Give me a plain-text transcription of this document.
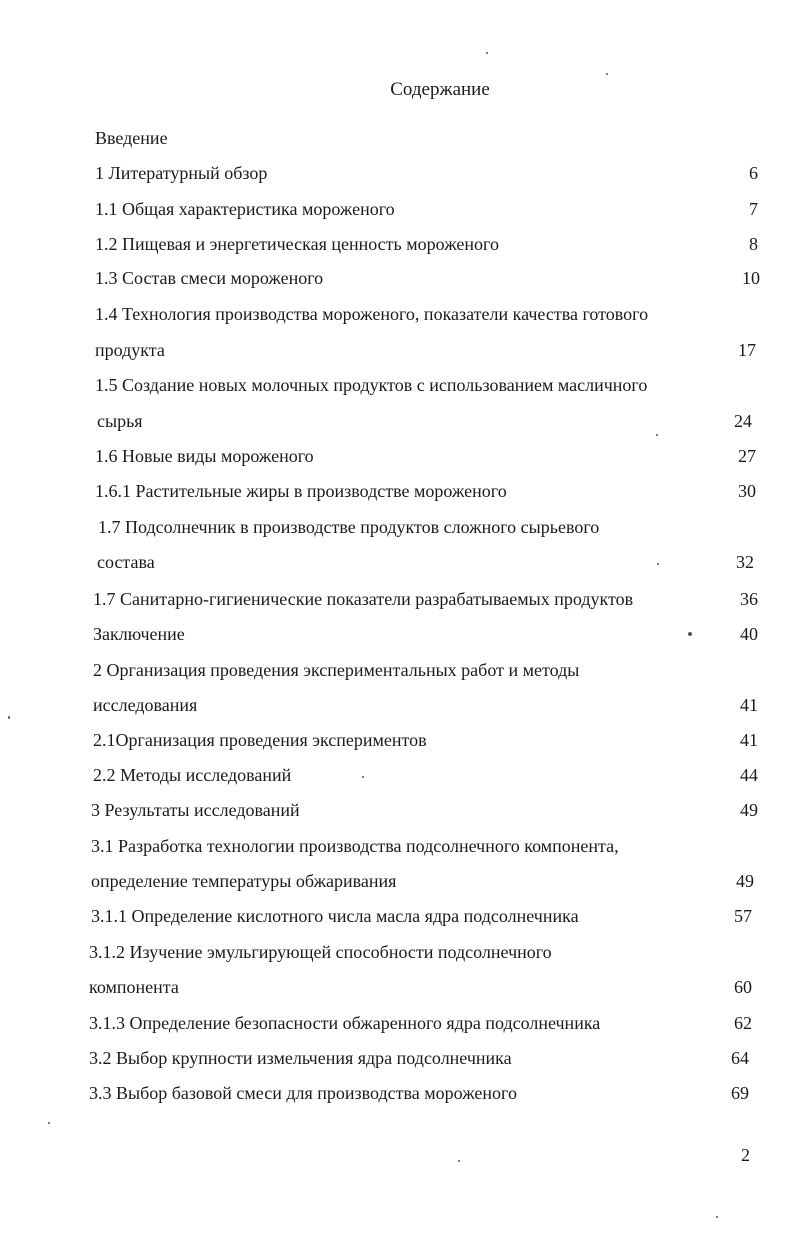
Содержание
Введение
1 Литературный обзор	6
1.1 Общая характеристика мороженого	7
1.2 Пищевая и энергетическая ценность мороженого	8
1.3 Состав смеси мороженого	10
1.4 Технология производства мороженого, показатели качества готового
продукта	17
1.5 Создание новых молочных продуктов с использованием масличного
сырья	24
1.6 Новые виды мороженого	27
1.6.1 Растительные жиры в производстве мороженого	30
1.7 Подсолнечник в производстве продуктов сложного сырьевого
состава	32
1.7 Санитарно-гигиенические показатели разрабатываемых продуктов	36
Заключение	40
2 Организация проведения экспериментальных работ и методы
исследования	41
2.1Организация проведения экспериментов	41
2.2 Методы исследований	44
3 Результаты исследований	49
3.1 Разработка технологии производства подсолнечного компонента,
определение температуры обжаривания	49
3.1.1 Определение кислотного числа масла ядра подсолнечника	57
3.1.2 Изучение эмульгирующей способности подсолнечного
компонента	60
3.1.3 Определение безопасности обжаренного ядра подсолнечника	62
3.2 Выбор крупности измельчения ядра подсолнечника	64
3.3 Выбор базовой смеси для производства мороженого	69
2
